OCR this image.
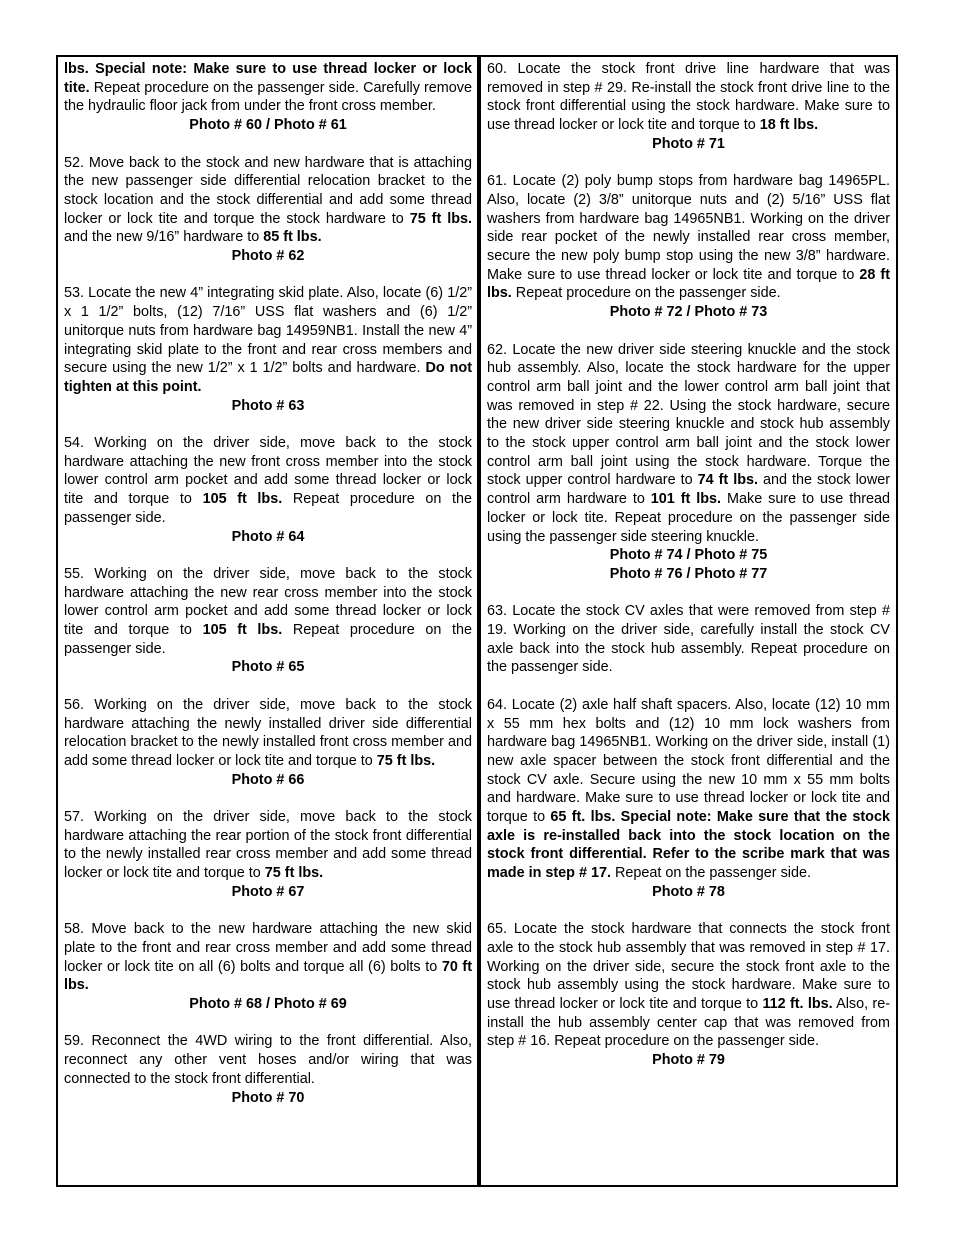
lbs. Special note: Make sure to use thread locker or lock tite. Repeat procedure on the passenger side. Carefully remove the hydraulic floor jack from under the front cross member.

Photo # 60 / Photo # 61

52. Move back to the stock and new hardware that is attaching the new passenger side differential relocation bracket to the stock location and the stock differential and add some thread locker or lock tite and torque the stock hardware to 75 ft lbs. and the new 9/16” hardware to 85 ft lbs.

Photo # 62

53. Locate the new 4” integrating skid plate. Also, locate (6) 1/2” x 1 1/2” bolts, (12) 7/16” USS flat washers and (6) 1/2” unitorque nuts from hardware bag 14959NB1. Install the new 4” integrating skid plate to the front and rear cross members and secure using the new 1/2” x 1 1/2” bolts and hardware. Do not tighten at this point.

Photo # 63

54. Working on the driver side, move back to the stock hardware attaching the new front cross member into the stock lower control arm pocket and add some thread locker or lock tite and torque to 105 ft lbs. Repeat procedure on the passenger side.

Photo # 64

55. Working on the driver side, move back to the stock hardware attaching the new rear cross member into the stock lower control arm pocket and add some thread locker or lock tite and torque to 105 ft lbs. Repeat procedure on the passenger side.

Photo # 65

56. Working on the driver side, move back to the stock hardware attaching the newly installed driver side differential relocation bracket to the newly installed front cross member and add some thread locker or lock tite and torque to 75 ft lbs.

Photo # 66

57. Working on the driver side, move back to the stock hardware attaching the rear portion of the stock front differential to the newly installed rear cross member and add some thread locker or lock tite and torque to 75 ft lbs.

Photo # 67

58. Move back to the new hardware attaching the new skid plate to the front and rear cross member and add some thread locker or lock tite on all (6) bolts and torque all (6) bolts to 70 ft lbs.

Photo # 68 / Photo # 69

59. Reconnect the 4WD wiring to the front differential. Also, reconnect any other vent hoses and/or wiring that was connected to the stock front differential.

Photo # 70

60. Locate the stock front drive line hardware that was removed in step # 29. Re-install the stock front drive line to the stock front differential using the stock hardware. Make sure to use thread locker or lock tite and torque to 18 ft lbs.

Photo # 71

61. Locate (2) poly bump stops from hardware bag 14965PL. Also, locate (2) 3/8” unitorque nuts and (2) 5/16” USS flat washers from hardware bag 14965NB1. Working on the driver side rear pocket of the newly installed rear cross member, secure the new poly bump stop using the new 3/8” hardware. Make sure to use thread locker or lock tite and torque to 28 ft lbs. Repeat procedure on the passenger side.

Photo # 72 / Photo # 73

62. Locate the new driver side steering knuckle and the stock hub assembly. Also, locate the stock hardware for the upper control arm ball joint and the lower control arm ball joint that was removed in step # 22. Using the stock hardware, secure the new driver side steering knuckle and stock hub assembly to the stock upper control arm ball joint and the stock lower control arm ball joint using the stock hardware. Torque the stock upper control hardware to 74 ft lbs. and the stock lower control arm hardware to 101 ft lbs. Make sure to use thread locker or lock tite. Repeat procedure on the passenger side using the passenger side steering knuckle.

Photo # 74 / Photo # 75
Photo # 76 / Photo # 77

63. Locate the stock CV axles that were removed from step # 19. Working on the driver side, carefully install the stock CV axle back into the stock hub assembly. Repeat procedure on the passenger side.

64. Locate (2) axle half shaft spacers. Also, locate (12) 10 mm x 55 mm hex bolts and (12) 10 mm lock washers from hardware bag 14965NB1. Working on the driver side, install (1) new axle spacer between the stock front differential and the stock CV axle. Secure using the new 10 mm x 55 mm bolts and hardware. Make sure to use thread locker or lock tite and torque to 65 ft. lbs. Special note: Make sure that the stock axle is re-installed back into the stock location on the stock front differential. Refer to the scribe mark that was made in step # 17. Repeat on the passenger side.

Photo # 78

65. Locate the stock hardware that connects the stock front axle to the stock hub assembly that was removed in step # 17. Working on the driver side, secure the stock front axle to the stock hub assembly using the stock hardware. Make sure to use thread locker or lock tite and torque to 112 ft. lbs. Also, re-install the hub assembly center cap that was removed from step # 16. Repeat procedure on the passenger side.

Photo # 79
